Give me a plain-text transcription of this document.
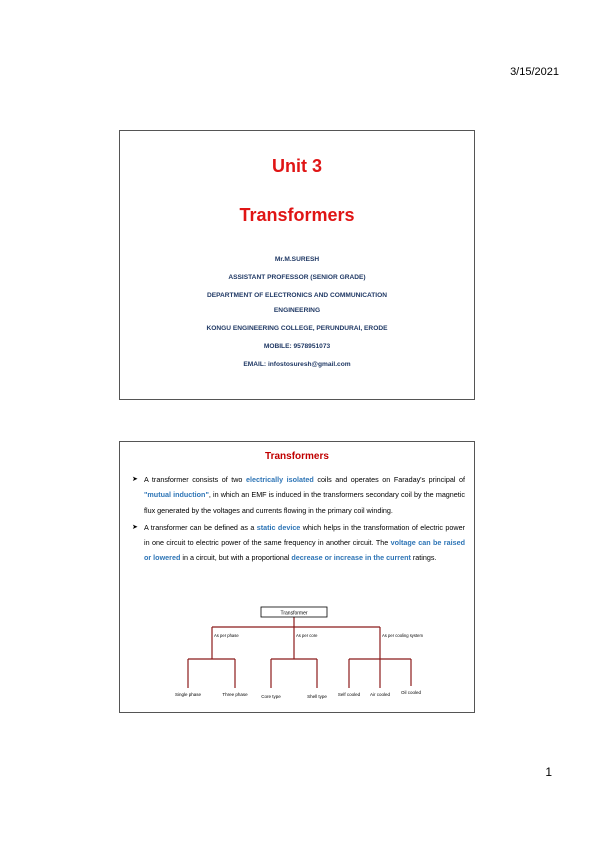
3/15/2021
Unit 3
Transformers
Mr.M.SURESH
ASSISTANT PROFESSOR (SENIOR GRADE)
DEPARTMENT OF ELECTRONICS AND COMMUNICATION
ENGINEERING
KONGU ENGINEERING COLLEGE, PERUNDURAI, ERODE
MOBILE: 9578951073
EMAIL: infostosuresh@gmail.com
Transformers
➤ A transformer consists of two electrically isolated coils and operates on Faraday's principal of "mutual induction", in which an EMF is induced in the transformers secondary coil by the magnetic flux generated by the voltages and currents flowing in the primary coil winding.
➤ A transformer can be defined as a static device which helps in the transformation of electric power in one circuit to electric power of the same frequency in another circuit. The voltage can be raised or lowered in a circuit, but with a proportional decrease or increase in the current ratings.
Transformer
As per phase	As per core	As per cooling system
Single phase	Three phase	Core type	Shell type Self cooled Air cooled Oil cooled
1
